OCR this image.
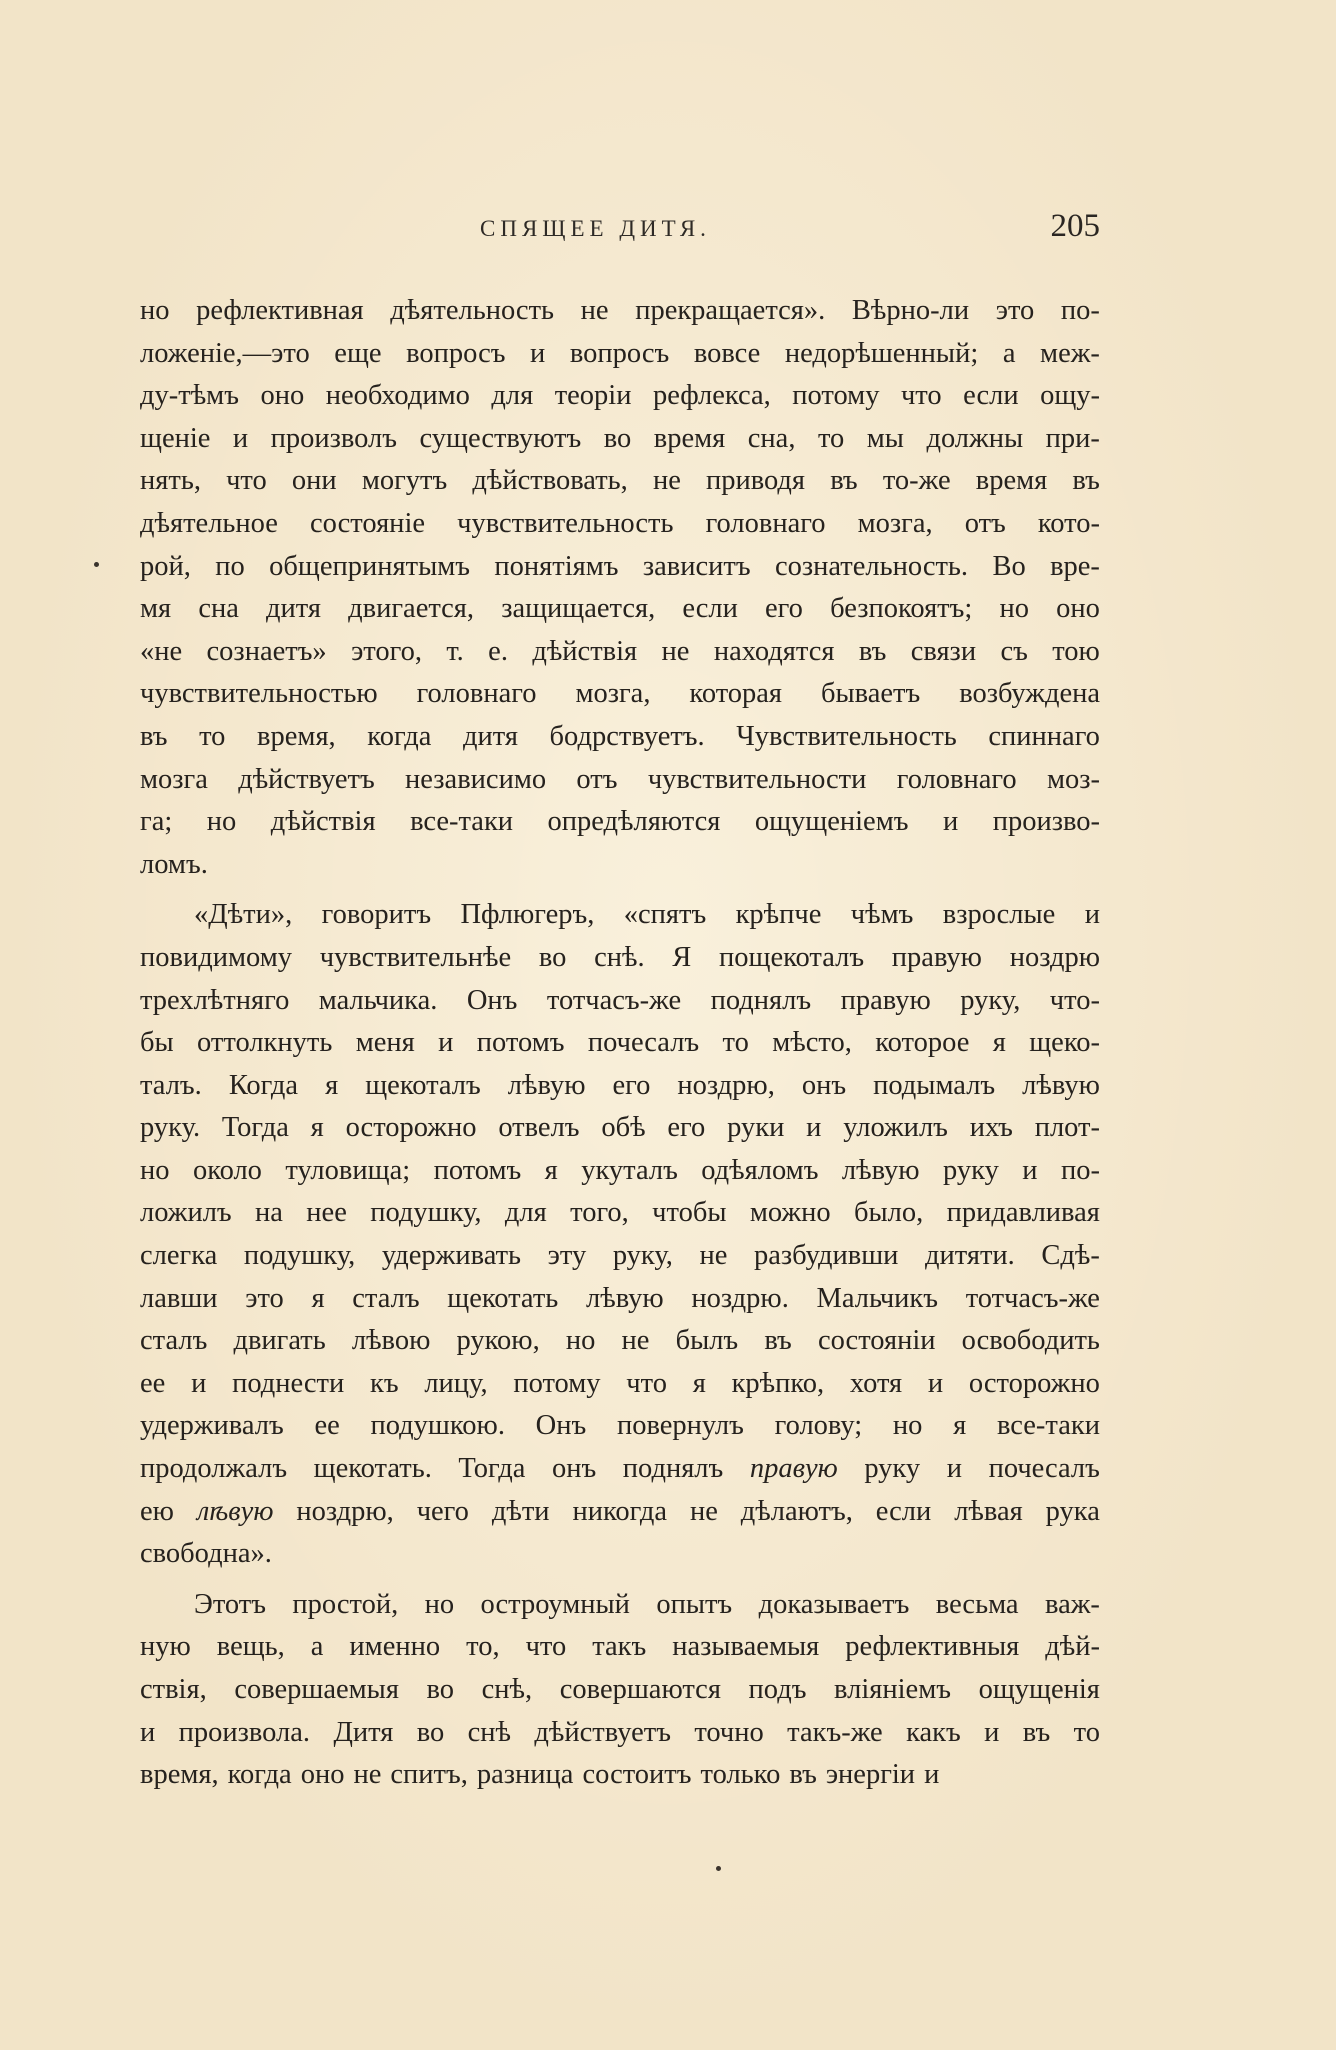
СПЯЩЕЕ ДИТЯ.	205
но рефлективная дѣятельность не прекращается». Вѣрно-ли это по-
ложеніе,—это еще вопросъ и вопросъ вовсе недорѣшенный; а меж-
ду-тѣмъ оно необходимо для теоріи рефлекса, потому что если ощу-
щеніе и произволъ существуютъ во время сна, то мы должны при-
нять, что они могутъ дѣйствовать, не приводя въ то-же время въ
дѣятельное состояніе чувствительность головнаго мозга, отъ кото-
рой, по общепринятымъ понятіямъ зависитъ сознательность. Во вре-
мя сна дитя двигается, защищается, если его безпокоятъ; но оно
«не сознаетъ» этого, т. е. дѣйствія не находятся въ связи съ тою
чувствительностью головнаго мозга, которая бываетъ возбуждена
въ то время, когда дитя бодрствуетъ. Чувствительность спиннаго
мозга дѣйствуетъ независимо отъ чувствительности головнаго моз-
га; но дѣйствія все-таки опредѣляются ощущеніемъ и произво-
ломъ.
«Дѣти», говоритъ Пфлюгеръ, «спятъ крѣпче чѣмъ взрослые и
повидимому чувствительнѣе во снѣ. Я пощекоталъ правую ноздрю
трехлѣтняго мальчика. Онъ тотчасъ-же поднялъ правую руку, что-
бы оттолкнуть меня и потомъ почесалъ то мѣсто, которое я щеко-
талъ. Когда я щекоталъ лѣвую его ноздрю, онъ подымалъ лѣвую
руку. Тогда я осторожно отвелъ обѣ его руки и уложилъ ихъ плот-
но около туловища; потомъ я укуталъ одѣяломъ лѣвую руку и по-
ложилъ на нее подушку, для того, чтобы можно было, придавливая
слегка подушку, удерживать эту руку, не разбудивши дитяти. Сдѣ-
лавши это я сталъ щекотать лѣвую ноздрю. Мальчикъ тотчасъ-же
сталъ двигать лѣвою рукою, но не былъ въ состояніи освободить
ее и поднести къ лицу, потому что я крѣпко, хотя и осторожно
удерживалъ ее подушкою. Онъ повернулъ голову; но я все-таки
продолжалъ щекотать. Тогда онъ поднялъ правую руку и почесалъ
ею лѣвую ноздрю, чего дѣти никогда не дѣлаютъ, если лѣвая рука
свободна».
Этотъ простой, но остроумный опытъ доказываетъ весьма важ-
ную вещь, а именно то, что такъ называемыя рефлективныя дѣй-
ствія, совершаемыя во снѣ, совершаются подъ вліяніемъ ощущенія
и произвола. Дитя во снѣ дѣйствуетъ точно такъ-же какъ и въ то
время, когда оно не спитъ, разница состоитъ только въ энергіи и
